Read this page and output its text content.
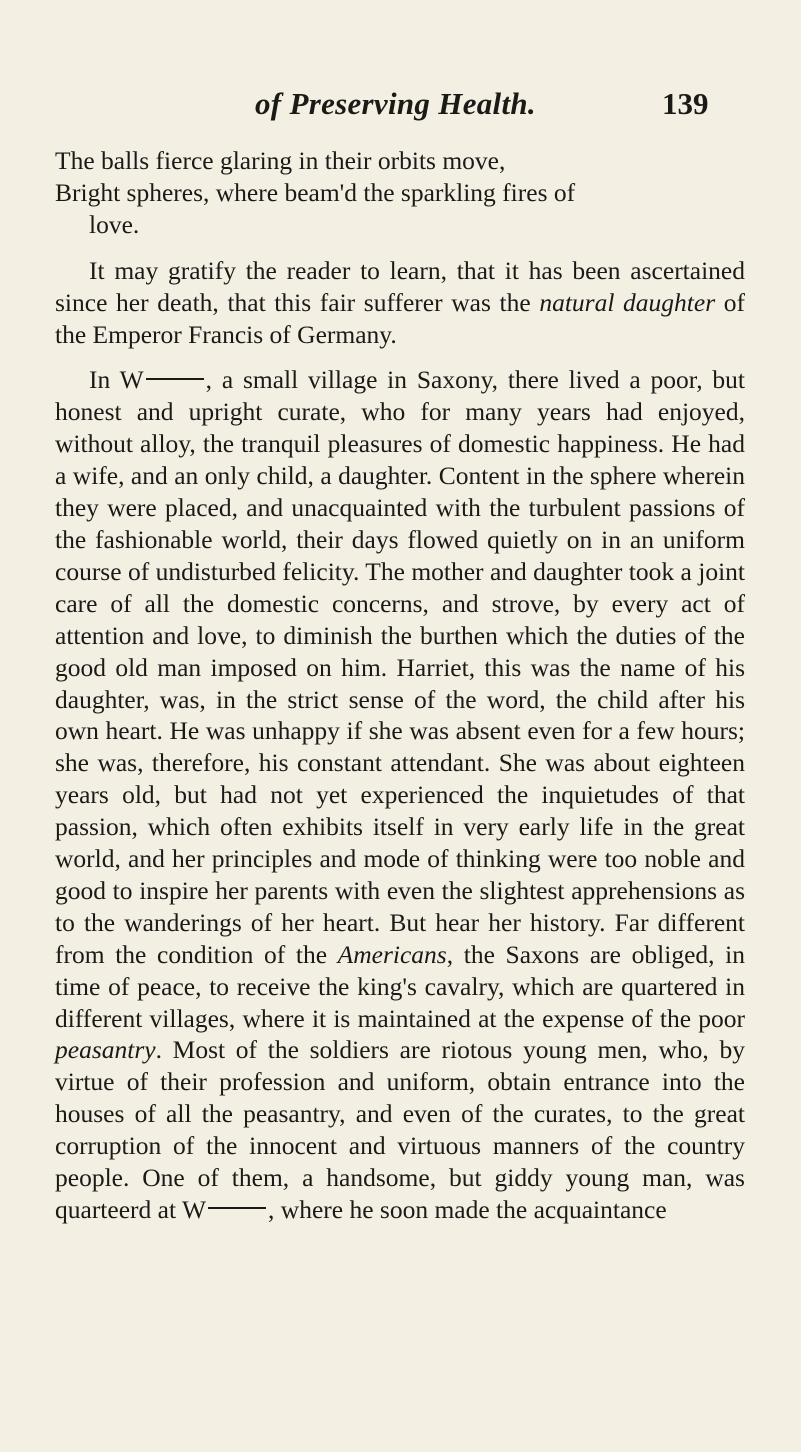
of Preserving Health.	139
The balls fierce glaring in their orbits move,
Bright spheres, where beam'd the sparkling fires of
love.

It may gratify the reader to learn, that it has been ascertained since her death, that this fair sufferer was the natural daughter of the Emperor Francis of Germany.

In W , a small village in Saxony, there lived a poor, but honest and upright curate, who for many years had enjoyed, without alloy, the tranquil pleasures of domestic happiness. He had a wife, and an only child, a daughter. Content in the sphere wherein they were placed, and unacquainted with the turbulent passions of the fashionable world, their days flowed quietly on in an uniform course of undisturbed felicity. The mother and daughter took a joint care of all the domestic concerns, and strove, by every act of attention and love, to diminish the burthen which the duties of the good old man imposed on him. Harriet, this was the name of his daughter, was, in the strict sense of the word, the child after his own heart. He was unhappy if she was absent even for a few hours; she was, therefore, his constant attendant. She was about eighteen years old, but had not yet experienced the inquietudes of that passion, which often exhibits itself in very early life in the great world, and her principles and mode of thinking were too noble and good to inspire her parents with even the slightest apprehensions as to the wanderings of her heart. But hear her history. Far different from the condition of the Americans, the Saxons are obliged, in time of peace, to receive the king's cavalry, which are quartered in different villages, where it is maintained at the expense of the poor peasantry. Most of the soldiers are riotous young men, who, by virtue of their profession and uniform, obtain entrance into the houses of all the peasantry, and even of the curates, to the great corruption of the innocent and virtuous manners of the country people. One of them, a handsome, but giddy young man, was quarteerd at W , where he soon made the acquaintance
